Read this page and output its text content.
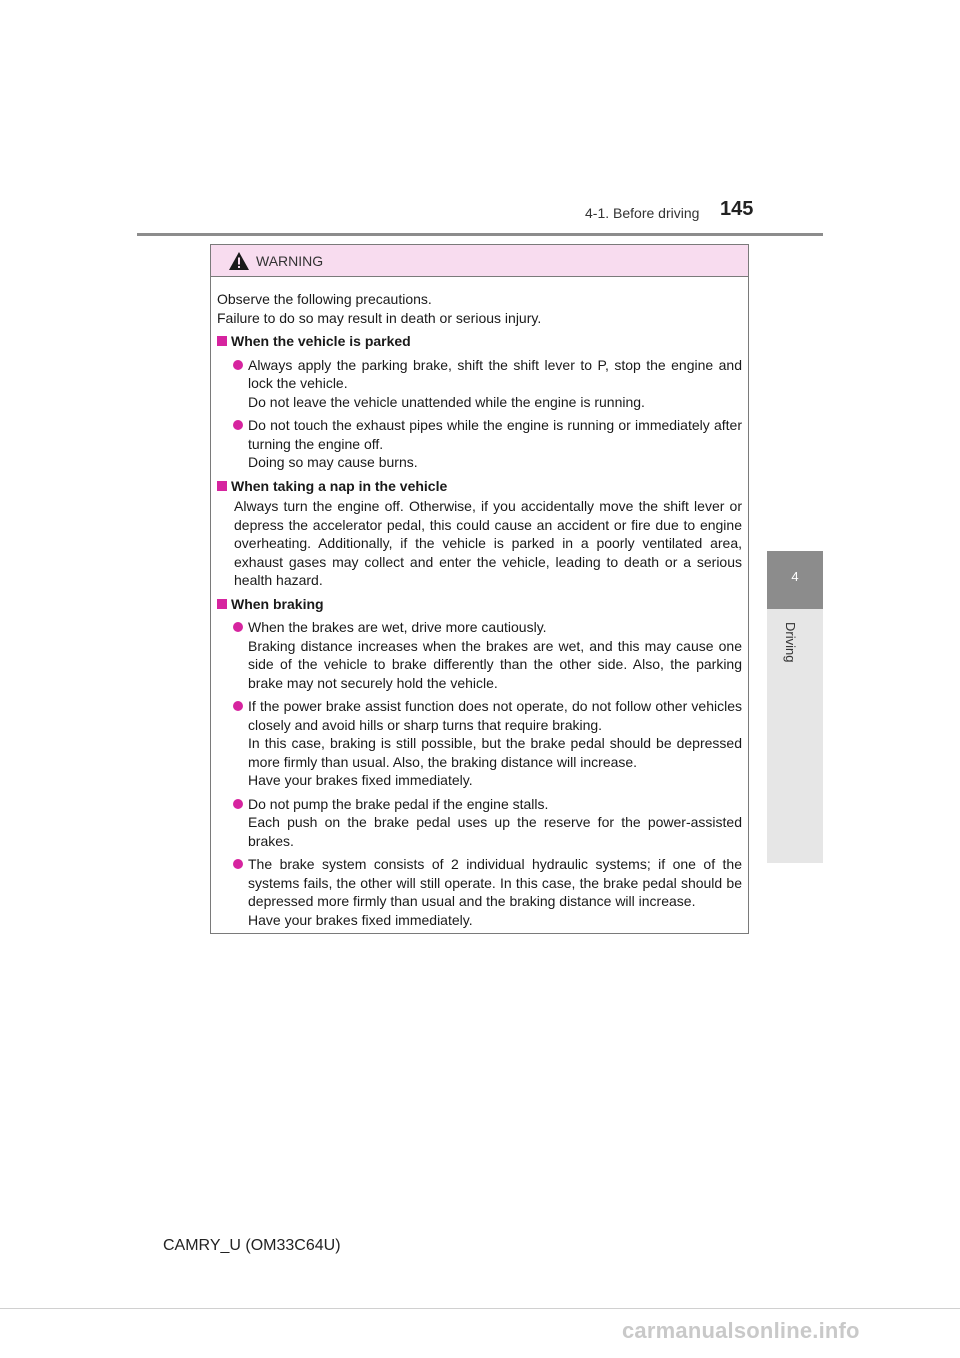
4-1. Before driving 145
4
Driving
WARNING

Observe the following precautions.

Failure to do so may result in death or serious injury.

When the vehicle is parked
Always apply the parking brake, shift the shift lever to P, stop the engine and lock the vehicle.
Do not leave the vehicle unattended while the engine is running.
Do not touch the exhaust pipes while the engine is running or immediately after turning the engine off.
Doing so may cause burns.
When taking a nap in the vehicle
Always turn the engine off. Otherwise, if you accidentally move the shift lever or depress the accelerator pedal, this could cause an accident or fire due to engine overheating. Additionally, if the vehicle is parked in a poorly ventilated area, exhaust gases may collect and enter the vehicle, leading to death or a serious health hazard.
When braking
When the brakes are wet, drive more cautiously.
Braking distance increases when the brakes are wet, and this may cause one side of the vehicle to brake differently than the other side. Also, the parking brake may not securely hold the vehicle.
If the power brake assist function does not operate, do not follow other vehicles closely and avoid hills or sharp turns that require braking.
In this case, braking is still possible, but the brake pedal should be depressed more firmly than usual. Also, the braking distance will increase.
Have your brakes fixed immediately.
Do not pump the brake pedal if the engine stalls.
Each push on the brake pedal uses up the reserve for the power-assisted brakes.
The brake system consists of 2 individual hydraulic systems; if one of the systems fails, the other will still operate. In this case, the brake pedal should be depressed more firmly than usual and the braking distance will increase.
Have your brakes fixed immediately.
CAMRY_U (OM33C64U)
carmanualsonline.info
